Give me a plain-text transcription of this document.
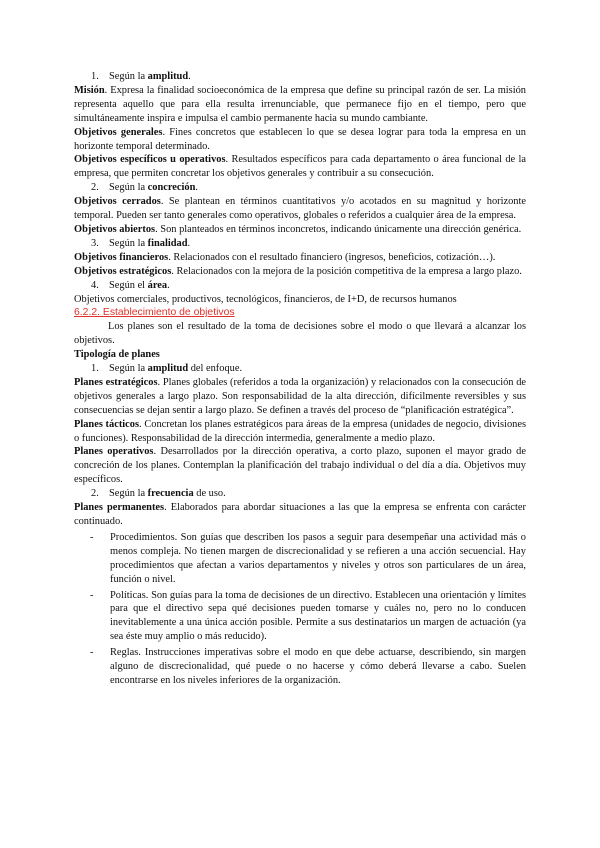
1. Según la amplitud.

Misión. Expresa la finalidad socioeconómica de la empresa que define su principal razón de ser. La misión representa aquello que para ella resulta irrenunciable, que permanece fijo en el tiempo, pero que simultáneamente inspira e impulsa el cambio permanente hacia su mundo cambiante.

Objetivos generales. Fines concretos que establecen lo que se desea lograr para toda la empresa en un horizonte temporal determinado.

Objetivos específicos u operativos. Resultados específicos para cada departamento o área funcional de la empresa, que permiten concretar los objetivos generales y contribuir a su consecución.

2. Según la concreción.

Objetivos cerrados. Se plantean en términos cuantitativos y/o acotados en su magnitud y horizonte temporal. Pueden ser tanto generales como operativos, globales o referidos a cualquier área de la empresa.

Objetivos abiertos. Son planteados en términos inconcretos, indicando únicamente una dirección genérica.

3. Según la finalidad.

Objetivos financieros. Relacionados con el resultado financiero (ingresos, beneficios, cotización…).

Objetivos estratégicos. Relacionados con la mejora de la posición competitiva de la empresa a largo plazo.

4. Según el área.

Objetivos comerciales, productivos, tecnológicos, financieros, de I+D, de recursos humanos

6.2.2. Establecimiento de objetivos

Los planes son el resultado de la toma de decisiones sobre el modo o que llevará a alcanzar los objetivos.

Tipología de planes

1. Según la amplitud del enfoque.

Planes estratégicos. Planes globales (referidos a toda la organización) y relacionados con la consecución de objetivos generales a largo plazo. Son responsabilidad de la alta dirección, difícilmente reversibles y sus consecuencias se dejan sentir a largo plazo. Se definen a través del proceso de “planificación estratégica”.

Planes tácticos. Concretan los planes estratégicos para áreas de la empresa (unidades de negocio, divisiones o funciones). Responsabilidad de la dirección intermedia, generalmente a medio plazo.

Planes operativos. Desarrollados por la dirección operativa, a corto plazo, suponen el mayor grado de concreción de los planes. Contemplan la planificación del trabajo individual o del día a día. Objetivos muy específicos.

2. Según la frecuencia de uso.

Planes permanentes. Elaborados para abordar situaciones a las que la empresa se enfrenta con carácter continuado.

- Procedimientos. Son guías que describen los pasos a seguir para desempeñar una actividad más o menos compleja. No tienen margen de discrecionalidad y se refieren a una acción secuencial. Hay procedimientos que afectan a varios departamentos y niveles y otros son particulares de un área, función o nivel.
- Políticas. Son guías para la toma de decisiones de un directivo. Establecen una orientación y límites para que el directivo sepa qué decisiones pueden tomarse y cuáles no, pero no lo conducen inevitablemente a una única acción posible. Permite a sus destinatarios un margen de actuación (ya sea éste muy amplio o más reducido).
- Reglas. Instrucciones imperativas sobre el modo en que debe actuarse, describiendo, sin margen alguno de discrecionalidad, qué puede o no hacerse y cómo deberá llevarse a cabo. Suelen encontrarse en los niveles inferiores de la organización.
